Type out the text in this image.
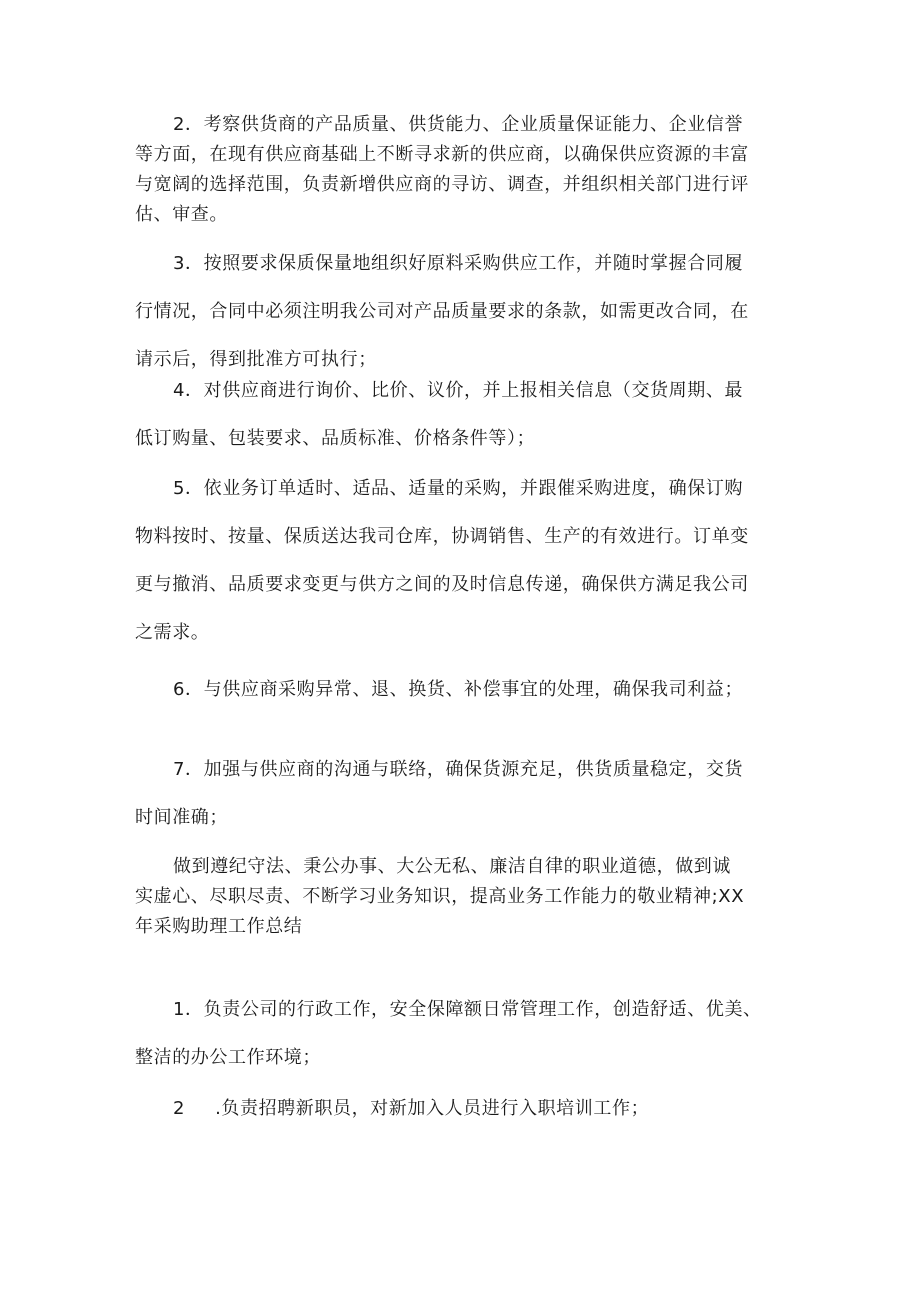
2．考察供货商的产品质量、供货能力、企业质量保证能力、企业信誉
等方面，在现有供应商基础上不断寻求新的供应商，以确保供应资源的丰富
与宽阔的选择范围，负责新增供应商的寻访、调查，并组织相关部门进行评
估、审查。

3．按照要求保质保量地组织好原料采购供应工作，并随时掌握合同履
行情况，合同中必须注明我公司对产品质量要求的条款，如需更改合同，在
请示后，得到批准方可执行；

4．对供应商进行询价、比价、议价，并上报相关信息（交货周期、最
低订购量、包装要求、品质标准、价格条件等）；

5．依业务订单适时、适品、适量的采购，并跟催采购进度，确保订购
物料按时、按量、保质送达我司仓库，协调销售、生产的有效进行。订单变
更与撤消、品质要求变更与供方之间的及时信息传递，确保供方满足我公司
之需求。

6．与供应商采购异常、退、换货、补偿事宜的处理，确保我司利益；

7．加强与供应商的沟通与联络，确保货源充足，供货质量稳定，交货
时间准确；

做到遵纪守法、秉公办事、大公无私、廉洁自律的职业道德，做到诚
实虚心、尽职尽责、不断学习业务知识，提高业务工作能力的敬业精神;XX
年采购助理工作总结

1．负责公司的行政工作，安全保障额日常管理工作，创造舒适、优美、
整洁的办公工作环境；

2 .负责招聘新职员，对新加入人员进行入职培训工作；
